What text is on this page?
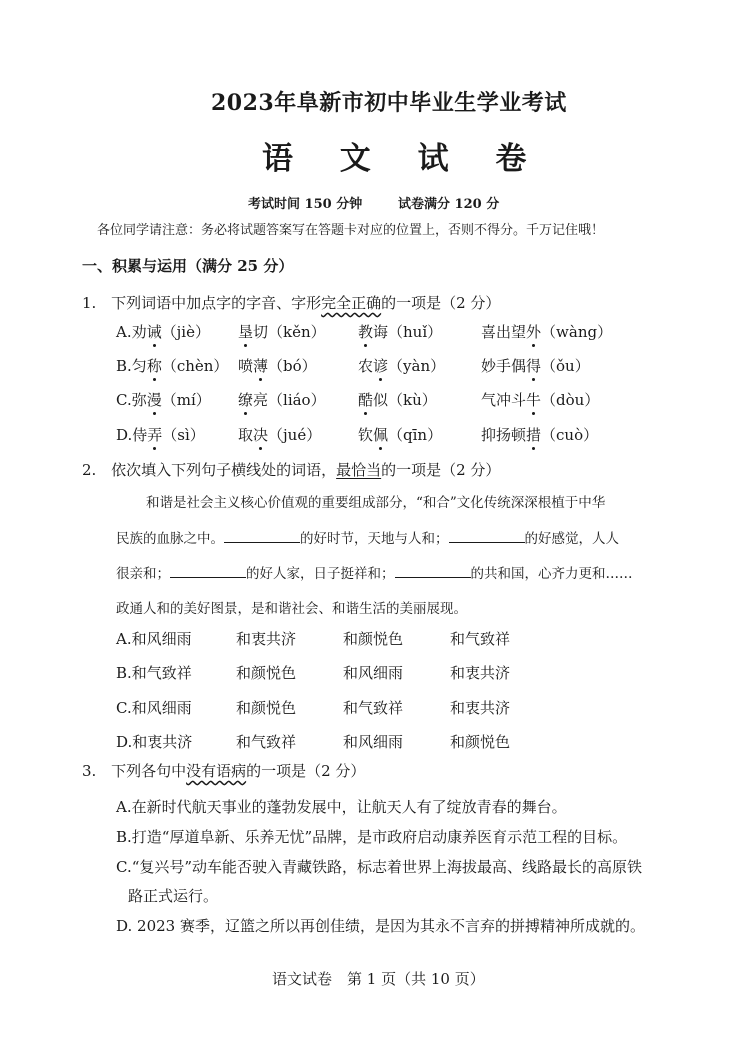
2023年阜新市初中毕业生学业考试
语 文 试 卷
考试时间 150 分钟	试卷满分 120 分
各位同学请注意：务必将试题答案写在答题卡对应的位置上，否则不得分。千万记住哦！
一、积累与运用（满分 25 分）
1. 下列词语中加点字的字音、字形完全正确的一项是（2 分）
A.劝诫（jiè） 垦切（kěn） 教诲（huǐ）	喜出望外（wàng）
B.匀称（chèn） 喷薄（bó）	农谚（yàn） 妙手偶得（ǒu）
C.弥漫（mí） 缭亮（liáo） 酷似（kù）	气冲斗牛（dòu）
D.侍弄（sì） 取决（jué） 钦佩（qīn）	抑扬顿措（cuò）
2. 依次填入下列句子横线处的词语，最恰当的一项是（2 分）
和谐是社会主义核心价值观的重要组成部分，“和合”文化传统深深根植于中华
民族的血脉之中。	的好时节，天地与人和；	的好感觉，人人
很亲和；	的好人家，日子挺祥和；	的共和国，心齐力更和……
政通人和的美好图景，是和谐社会、和谐生活的美丽展现。
A.和风细雨	和衷共济	和颜悦色	和气致祥
B.和气致祥	和颜悦色	和风细雨	和衷共济
C.和风细雨	和颜悦色	和气致祥	和衷共济
D.和衷共济	和气致祥	和风细雨	和颜悦色
3. 下列各句中没有语病的一项是（2 分）
A.在新时代航天事业的蓬勃发展中，让航天人有了绽放青春的舞台。
B.打造“厚道阜新、乐养无忧”品牌，是市政府启动康养医育示范工程的目标。
C.“复兴号”动车能否驶入青藏铁路，标志着世界上海拔最高、线路最长的高原铁
路正式运行。
D. 2023 赛季，辽篮之所以再创佳绩，是因为其永不言弃的拼搏精神所成就的。
语文试卷　第 1 页（共 10 页）
